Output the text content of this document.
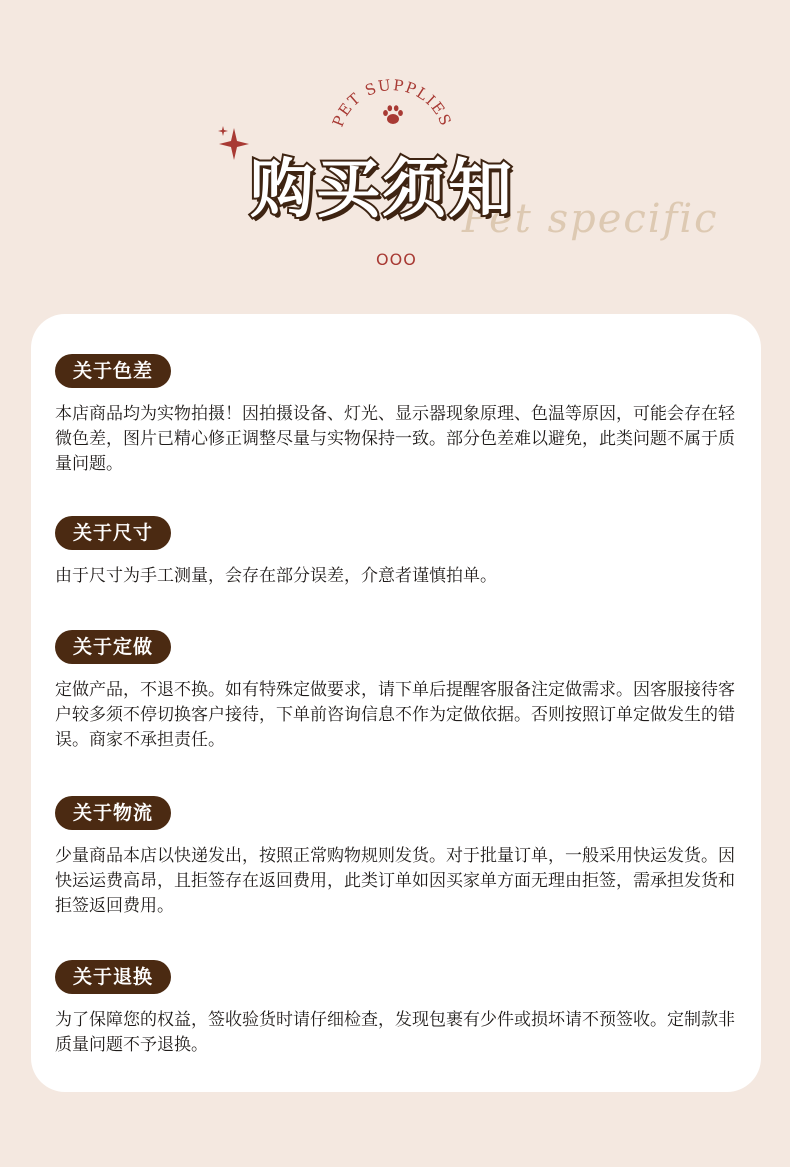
PET SUPPLIES
Pet specific
购买须知
OOO
关于色差
本店商品均为实物拍摄！因拍摄设备、灯光、显示器现象原理、色温等原因，可能会存在轻微色差，图片已精心修正调整尽量与实物保持一致。部分色差难以避免，此类问题不属于质量问题。
关于尺寸
由于尺寸为手工测量，会存在部分误差，介意者谨慎拍单。
关于定做
定做产品，不退不换。如有特殊定做要求，请下单后提醒客服备注定做需求。因客服接待客户较多须不停切换客户接待，下单前咨询信息不作为定做依据。否则按照订单定做发生的错误。商家不承担责任。
关于物流
少量商品本店以快递发出，按照正常购物规则发货。对于批量订单，一般采用快运发货。因快运运费高昂，且拒签存在返回费用，此类订单如因买家单方面无理由拒签，需承担发货和拒签返回费用。
关于退换
为了保障您的权益，签收验货时请仔细检查，发现包裹有少件或损坏请不预签收。定制款非质量问题不予退换。
